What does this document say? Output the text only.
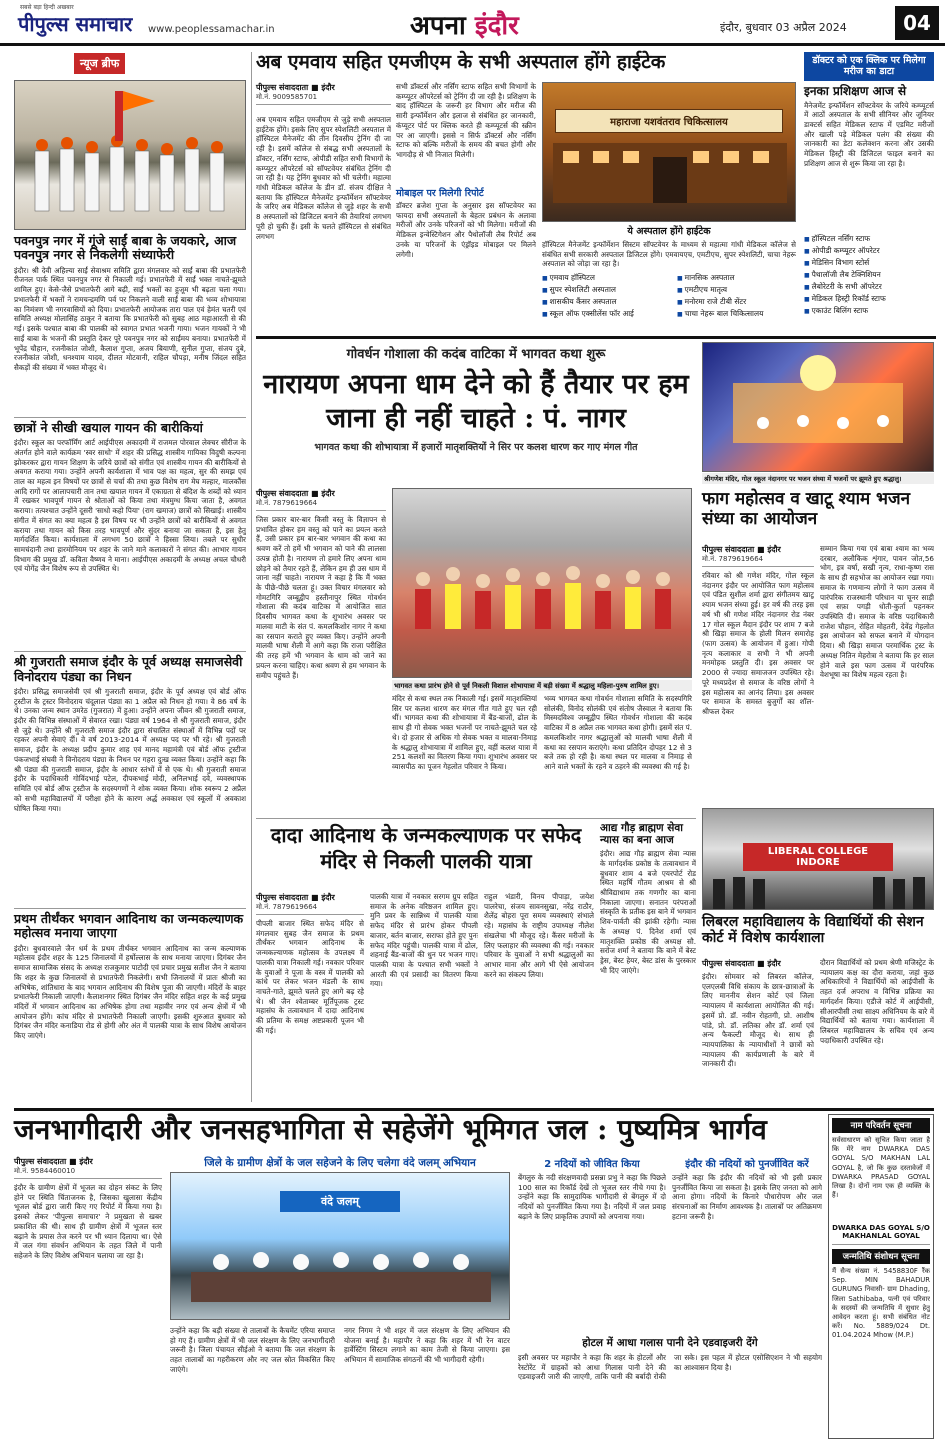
सबसे बड़ा हिन्दी अखबार
पीपुल्स समाचार www.peoplessamachar.in	अपना इंदौर	इंदौर, बुधवार 03 अप्रैल 2024	04
न्यूज ब्रीफ
पवनपुत्र नगर में गूंजे साईं बाबा के जयकारे, आज पवनपुत्र नगर से निकलेगी संध्याफेरी
इंदौर। श्री देवी अहिल्या साईं सेवाश्रम समिति द्वारा मंगलवार को साईं बाबा की प्रभातफेरी रीजनल पार्क स्थित पवनपुत्र नगर से निकाली गई। प्रभातफेरी में साईं भक्त नाचते-झूमते शामिल हुए। केसे-जैसे प्रभातफेरी आगे बढ़ी, साईं भक्तों का हुजूम भी बढ़ता चला गया। प्रभातफेरी में भक्तों ने रामचन्द्रमणि पर्व पर निकलने वाली साईं बाबा की भव्य शोभायात्रा का निमंत्रण भी नगरवासियों को दिया। प्रभातफेरी आयोजक तारा पाल एवं हेमंत चतरी एवं समिति अध्यक्ष मोलासिंह ठाकुर ने बताया कि प्रभातफेरी को सुबह आठ महाआरती से की गई। इसके पश्चात बाबा की पालकी को स्वागत प्रभात भजनी गाया। भजन गायकों ने भी साईं बाबा के भजनों की प्रस्तुति देकर पूरे पवनपुत्र नगर को साईंमय बनाया। प्रभातफेरी में भूपेंद्र चौहान, रजनीकांत जोशी, कैलाश गुप्ता, अजय बियाणी, सुनील गुप्ता, संजय दुबे, रजनीकांत जोशी, धनश्याम यादव, दीलत मोटवानी, राहिल चौपड़ा, मनीष जिंदल सहित सैकड़ों की संख्या में भक्त मौजूद थे।
छात्रों ने सीखी खयाल गायन की बारीकियां
इंदौर। स्कूल का परफॉर्मिंग आर्ट आईपीएस अकादमी में राजमल पोरवाल लेक्चर सीरीज के अंतर्गत होने वाले कार्यक्रम 'स्वर साधो' में शहर की प्रसिद्ध शास्त्रीय गायिका विदुषी कल्पना झोकरकर द्वारा गायन शिक्षण के जरिये छात्रों को संगीत एवं शास्त्रीय गायन की बारीकियों से अवगत कराया गया। उन्होंने अपनी कार्यशाला में भाव पक्ष का महत्व, सुर की समझ एवं ताल का महत्व इन विषयों पर छात्रों से चर्चा की तथा कुछ विशेष राग मेघ मल्हार, मालकौंस आदि रागों पर आलापचारी तान तथा खयाल गायन में एकाग्रता से बंदिश के शब्दों को ध्यान में रखकर भावपूर्ण गायन से श्रोताओं को किया तथा मंत्रमुग्ध किया जाता है, अवगत कराया। तत्पश्चात उन्होंने दूसरी 'साधो कहो पिया' (राग खमाज) छात्रों को सिखाई। शास्त्रीय संगीत में संगत का क्या महत्व है इस विषय पर भी उन्होंने छात्रों को बारीकियों से अवगत कराया तथा गायन को किस तरह भावपूर्ण और सुंदर बनाया जा सकता है, इस हेतु मार्गदर्शित किया। कार्यशाला में लगभग 50 छात्रों ने हिस्सा लिया। तबले पर सुधीर सामचंदानी तथा हारमोनियम पर शहर के जाने माने कलाकारों ने संगत की। आभार गायन विभाग की प्रमुख डॉ. कविता वैष्णव ने माना। आईपीएस अकादमी के अध्यक्ष अचल चौधरी एवं योगेंद्र जैन विशेष रूप से उपस्थित थे।
श्री गुजराती समाज इंदौर के पूर्व अध्यक्ष समाजसेवी विनोदराय पंड्या का निधन
इंदौर। प्रसिद्ध समाजसेवी एवं श्री गुजराती समाज, इंदौर के पूर्व अध्यक्ष एवं बोर्ड ऑफ ट्रस्टीज के ट्रस्टर विनोदराय चंदूलाल पंड्या का 1 अप्रैल को निधन हो गया। वे 86 वर्ष के थे। उनका जन्म स्थान उमरेठ (गुजरात) में हुआ। उन्होंने अपना जीवन श्री गुजराती समाज, इंदौर की विभिन्न संस्थाओं में सेवारत रखा। पंड्या वर्ष 1964 से श्री गुजराती समाज, इंदौर से जुड़े थे। उन्होंने श्री गुजराती समाज इंदौर द्वारा संचालित संस्थाओं में विभिन्न पदों पर रहकर अपनी सेवाएं दीं। वे वर्ष 2013-2014 में अध्यक्ष पद पर भी रहे। श्री गुजराती समाज, इंदौर के अध्यक्ष प्रदीप कुमार शाह एवं मानद महामंत्री एवं बोर्ड ऑफ ट्रस्टीज पंकजभाई संघवी ने विनोदराय पंड्या के निधन पर गहरा दुःख व्यक्त किया। उन्होंने कहा कि श्री पंड्या की गुजराती समाज, इंदौर के आधार स्तंभों में से एक थे। श्री गुजराती समाज इंदौर के पदाधिकारी गोविंदभाई पटेल, दीपकभाई मोदी, अनिलभाई दवे, व्यवस्थापक समिति एवं बोर्ड ऑफ ट्रस्टीज के सदस्यगणों ने शोक व्यक्त किया। शोक स्वरूप 2 अप्रैल को सभी महाविद्यालयों में परीक्षा होने के कारण अर्द्ध अवकाश एवं स्कूलों में अवकाश घोषित किया गया।
प्रथम तीर्थंकर भगवान आदिनाथ का जन्मकल्याणक महोत्सव मनाया जाएगा
इंदौर। बुधवारवाले जैन धर्म के प्रथम तीर्थंकर भगवान आदिनाथ का जन्म कल्याणक महोत्सव इंदौर शहर के 125 जिनालयों में हर्षोल्लास के साथ मनाया जाएगा। दिगंबर जैन समाज सामाजिक संसद के अध्यक्ष राजकुमार पाटोदी एवं प्रचार प्रमुख सतीश जैन ने बताया कि शहर के कुछ जिनालयों से प्रभातफेरी निकलेगी। सभी जिनालयों में प्रातः श्रीजी का अभिषेक, शांतिधारा के बाद भगवान आदिनाथ की विशेष पूजा की जाएगी। मंदिरों के बाहर प्रभातफेरी निकाली जाएगी। कैलाशनगर स्थित दिगंबर जैन मंदिर सहित शहर के कई प्रमुख मंदिरों में भगवान आदिनाथ का अभिषेक होगा तथा महावीर नगर एवं अन्य क्षेत्रों में भी आयोजन होंगे। कांच मंदिर से प्रभातफेरी निकाली जाएगी। इसकी शुरुआत बुधवार को दिगंबर जैन मंदिर कनाडिया रोड से होगी और अंत में पालकी यात्रा के साथ विशेष आयोजन किए जाएंगे।
अब एमवाय सहित एमजीएम के सभी अस्पताल होंगे हाईटेक
पीपुल्स संवाददाता ■ इंदौर
मो.नं. 9009585701
अब एमवाय सहित एमजीएम से जुड़े सभी अस्पताल हाईटेक होंगे। इसके लिए सुपर स्पेशलिटी अस्पताल में हॉस्पिटल मैनेजमेंट की तीन दिवसीय ट्रेनिंग दी जा रही है। इसमें कॉलेज से संबद्ध सभी अस्पतालों के डॉक्टर, नर्सिंग स्टाफ, ओपीडी सहित सभी विभागों के कम्प्यूटर ऑपरेटर्स को सॉफ्टवेयर संबंधित ट्रेनिंग दी जा रही है। यह ट्रेनिंग बुधवार को भी चलेगी। महात्मा गांधी मेडिकल कॉलेज के डीन डॉ. संजय दीक्षित ने बताया कि हॉस्पिटल मैनेजमेंट इन्फॉर्मेशन सॉफ्टवेयर के जरिए अब मेडिकल कॉलेज से जुड़े शहर के सभी 8 अस्पतालों को डिजिटल बनाने की तैयारियां लगभग पूरी हो चुकी हैं। इसी के चलते हॉस्पिटल से संबंधित लगभग
सभी डॉक्टर्स और नर्सिंग स्टाफ सहित सभी विभागों के कम्प्यूटर ऑपरेटर्स को ट्रेनिंग दी जा रही है। प्रशिक्षण के बाद हॉस्पिटल के जरूरी हर विभाग और मरीज की सारी इन्फॉर्मेशन और इलाज से संबंधित हर जानकारी, कंप्यूटर पोर्ट पर क्लिक करते ही कम्प्यूटर्स की स्क्रीन पर आ जाएगी। इससे न सिर्फ डॉक्टर्स और नर्सिंग स्टाफ को बल्कि मरीजों के समय की बचत होगी और भागदौड़ से भी निजात मिलेगी।
मोबाइल पर मिलेगी रिपोर्ट
डॉक्टर ब्रजेश गुप्ता के अनुसार इस सॉफ्टवेयर का फायदा सभी अस्पतालों के बेहतर प्रबंधन के अलावा मरीजों और उनके परिजनों को भी मिलेगा। मरीजों की मेडिकल इन्वेस्टिगेशन और पैथोलॉजी लैब रिपोर्ट अब उनके या परिजनों के एंड्रॉइड मोबाइल पर मिलने लगेगी।
महाराजा यशवंतराव चिकित्सालय
ये अस्पताल होंगे हाईटेक
हॉस्पिटल मैनेजमेंट इन्फॉर्मेशन सिस्टम सॉफ्टवेयर के माध्यम से महात्मा गांधी मेडिकल कॉलेज से संबंधित सभी सरकारी अस्पताल डिजिटल होंगे। एमवायएच, एमटीएच, सुपर स्पेशलिटी, चाचा नेहरू अस्पताल को जोड़ा जा रहा है।
■ एमवाय हॉस्पिटल
■ सुपर स्पेशलिटी अस्पताल
■ शासकीय कैंसर अस्पताल
■ स्कूल ऑफ एक्सीलेंस फॉर आई
■ मानसिक अस्पताल
■ एमटीएच मातृत्व
■ मनोरमा राजे टीबी सेंटर
■ चाचा नेहरू बाल चिकित्सालय
डॉक्टर को एक क्लिक पर मिलेगा मरीज का डाटा
इनका प्रशिक्षण आज से
मैनेजमेंट इन्फॉर्मेशन सॉफ्टवेयर के जरिये कम्प्यूटर्स में आठों अस्पताल के सभी सीनियर और जूनियर डाक्टर्स सहित मेडिकल स्टाफ में एडमिट मरीजों और खाली पड़े मेडिकल पलंग की संख्या की जानकारी का डेटा कलेक्शन करना और उसकी मेडिकल हिस्ट्री की डिजिटल फाइल बनाने का प्रशिक्षण आज से शुरू किया जा रहा है।
■ हॉस्पिटल नर्सिंग स्टाफ
■ ओपीडी कम्प्यूटर ऑपरेटर
■ मेडिसिन विभाग स्टोर्स
■ पैथालॉजी लैब टेक्निशियन
■ लैबोरेटरी के सभी ऑपरेटर
■ मेडिकल हिस्ट्री रिकॉर्ड स्टाफ
■ एकाउंट बिलिंग स्टाफ
गोवर्धन गोशाला की कदंब वाटिका में भागवत कथा शुरू
नारायण अपना धाम देने को हैं तैयार पर हम जाना ही नहीं चाहते : पं. नागर
भागवत कथा की शोभायात्रा में हजारों मातृशक्तियों ने सिर पर कलश धारण कर गाए मंगल गीत
पीपुल्स संवाददाता ■ इंदौर
मो.नं. 7879619664
जिस प्रकार बार-बार किसी वस्तु के विज्ञापन से प्रभावित होकर हम वस्तु को पाने का प्रयत्न करते हैं, उसी प्रकार हम बार-बार भगवान की कथा का श्रवण करें तो हमें भी भगवान को पाने की लालसा उत्पन्न होती है। नारायण तो हमारे लिए अपना धाम छोड़ने को तैयार रहते हैं, लेकिन हम ही उस धाम में जाना नहीं चाहते। नारायण ने कहा है कि मैं भक्त के पीछे-पीछे चलता हूं। उक्त विचार मंगलवार को गोमटगिरि जम्बूद्वीप हस्तीनापुर स्थित गोवर्धन गोशाला की कदंब वाटिका में आयोजित सात दिवसीय भागवत कथा के शुभारंभ अवसर पर मालवा माटी के संत पं. कमलकिशोर नागर ने कथा का रसपान कराते हुए व्यक्त किए। उन्होंने अपनी मालवी भाषा शैली में आगे कहा कि राजा परीक्षित की तरह हमें भी भगवान के धाम को जाने का प्रयत्न करना चाहिए। कथा श्रवण से हम भगवान के समीप पहुंचते हैं।
भागवत कथा प्रारंभ होने से पूर्व निकली विशाल शोभायात्रा में बड़ी संख्या में श्रद्धालु महिला-पुरुष शामिल हुए।
मंदिर से कथा स्थल तक निकाली गई। इसमें मातृशक्तियां सिर पर कलश धारण कर मंगल गीत गाते हुए चल रही थीं। भागवत कथा की शोभायात्रा में बैंड-बाजों, ढोल के साथ ही गो सेवक भक्त भजनों पर नाचते-झूमते चल रहे थे। दो हजार से अधिक गो सेवक भक्त व मालवा-निमाड़ के श्रद्धालु शोभायात्रा में शामिल हुए, वहीं कलश यात्रा में 251 कलशों का वितरण किया गया। शुभारंभ अवसर पर व्यासपीठ का पूजन गेहलोत परिवार ने किया।
भव्य भागवत कथा गोवर्धन गोशाला समिति के सदस्यगिरि सोलंकी, विनोद सोलंकी एवं संतोष जैस्वाल ने बताया कि मिस्मदविश्व जम्बूद्वीप स्थित गोवर्धन गोशाला की कदंब वाटिका में 8 अप्रैल तक भागवत कथा होगी। इसमें संत पं. कमलकिशोर नागर श्रद्धालुओं को मालवी भाषा शैली में कथा का रसपान कराएंगे। कथा प्रतिदिन दोपहर 12 से 3 बजे तक हो रही है। कथा स्थल पर मालवा व निमाड़ से आने वाले भक्तों के रहने व ठहरने की व्यवस्था की गई है।
श्रीगणेश मंदिर, गोल स्कूल नंदानगर पर भजन संध्या में भजनों पर झूमते हुए श्रद्धालु।
फाग महोत्सव व खाटू श्याम भजन संध्या का आयोजन
पीपुल्स संवाददाता ■ इंदौर
मो.नं. 7879619664
रविवार को श्री गणेश मंदिर, गोल स्कूल नंदानगर इंदौर पर आयोजित फाग महोत्सव एवं पंडित सुशील शर्मा द्वारा संगीतमय खाटू श्याम भजन संध्या हुई। हर वर्ष की तरह इस वर्ष भी श्री गणेश मंदिर नंदानगर रोड नंबर 17 गोल स्कूल मैदान इंदौर पर शाम 7 बजे श्री खिड़ा समाज के होली मिलन समारोह (फाग उत्सव) के आयोजन में हुआ। गोपी नृत्य कलाकार व सभी ने भी अपनी मनमोहक प्रस्तुति दी। इस अवसर पर 2000 से ज्यादा समाजजन उपस्थित रहे। पूरे मध्यप्रदेश से समाज के वरिष्ठ लोगों ने इस महोत्सव का आनंद लिया। इस अवसर पर समाज के समस्त बुजुर्गों का शॉल-श्रीफल देकर
सम्मान किया गया एवं बाबा श्याम का भव्य दरबार, अलौकिक शृंगार, पावन जोत,56 भोग, इत्र वर्षा, सखी नृत्य, राधा-कृष्ण रास के साथ ही सहभोज का आयोजन रखा गया। समाज के गणमान्य लोगों ने फाग उत्सव में पारंपरिक राजस्थानी परिधान या चूनर साड़ी एवं सफ़ा पगड़ी धोती-कुर्ता पहनकर उपस्थिति दी। समाज के वरिष्ठ पदाधिकारी राजेश चौहान, रोहित मोहतरी, देवेंद्र गेहलोत इस आयोजन को सफल बनाने में योगदान दिया। श्री खिड़ा समाज परमार्थिक ट्रस्ट के अध्यक्ष नितिन मेहरोत्रा ने बताया कि हर साल होने वाले इस फाग उत्सव में पारंपरिक वेशभूषा का विशेष महत्व रहता है।
दादा आदिनाथ के जन्मकल्याणक पर सफेद मंदिर से निकली पालकी यात्रा
पीपुल्स संवाददाता ■ इंदौर
मो.नं. 7879619664
पीपली बाजार स्थित सफेद मंदिर से मंगलवार सुबह जैन समाज के प्रथम तीर्थंकर भगवान आदिनाथ के जन्मकल्याणक महोत्सव के उपलक्ष्य में पालकी यात्रा निकाली गई। नवकार परिवार के युवाओं ने पूजा के वस्त्र में पालकी को कांधे पर लेकर भजन मंडली के साथ नाचते-गाते, झूमते चलते हुए आगे बढ़ रहे थे। श्री जैन श्वेताम्बर मूर्तिपूजक ट्रस्ट महासंघ के तत्वावधान में दादा आदिनाथ की प्रतिमा के समक्ष अष्टप्रकारी पूजन भी की गई।
पालकी यात्रा में नवकार सरगम ग्रुप सहित समाज के अनेक वरिष्ठजन शामिल हुए। मुनि प्रवर के सान्निध्य में पालकी यात्रा सफेद मंदिर से प्रारंभ होकर पीपली बाजार, बर्तन बाजार, सराफा होते हुए पुनः सफेद मंदिर पहुंची। पालकी यात्रा में ढोल, शहनाई बैंड-बाजों की धुन पर भजन गाए। पालकी यात्रा के पश्चात सभी भक्तों ने आरती की एवं प्रसादी का वितरण किया गया।
राहुल भंडारी, विनय पीपाड़ा, जयेश पालरेचा, संजय सावनसुखा, नरेंद्र राठौर, शैलेंद्र बोहरा पूरा समय व्यवस्थाएं संभाले रहे। महासंघ के राष्ट्रीय उपाध्यक्ष नीलेश संखलेचा भी मौजूद रहे। कैंसर मरीजों के लिए फलाहार की व्यवस्था की गई। नवकार परिवार के युवाओं ने सभी श्रद्धालुओं का आभार माना और आगे भी ऐसे आयोजन करने का संकल्प लिया।
आद्य गौड़ ब्राह्मण सेवा न्यास का बना आज
इंदौर। आद्य गौड़ ब्राह्मण सेवा न्यास के मार्गदर्शक प्रकोष्ठ के तत्वावधान में बुधवार शाम 4 बजे एयरपोर्ट रोड स्थित महर्षि गौतम आश्रम से श्री श्रीविद्याधाम तक गणगौर का बाना निकाला जाएगा। सनातन परंपराओं संस्कृति के प्रतीक इस बाने में भगवान शिव-पार्वती की झांकी रहेगी। न्यास के अध्यक्ष पं. दिनेश शर्मा एवं मातृशक्ति प्रकोष्ठ की अध्यक्ष सौ. सरोज शर्मा ने बताया कि बाने में बेस्ट ड्रेस, बेस्ट हेयर, बेस्ट डांस के पुरस्कार भी दिए जाएंगे।
LIBERAL COLLEGE INDORE
लिबरल महाविद्यालय के विद्यार्थियों की सेशन कोर्ट में विशेष कार्यशाला
पीपुल्स संवाददाता ■ इंदौर
इंदौर। सोमवार को लिबरल कॉलेज, एलएलबी विधि संकाय के छात्र-छात्राओं के लिए माननीय सेशन कोर्ट एवं जिला न्यायालय में कार्यशाला आयोजित की गई। इसमें प्रो. डॉ. नवीन रोहतगी, प्रो. आशीष पांडे, प्रो. डॉ. लतिका और डॉ. शर्मा एवं अन्य फैकल्टी मौजूद थे। साथ ही न्यायपालिका के न्यायाधीशों ने छात्रों को न्यायालय की कार्यप्रणाली के बारे में जानकारी दी।
दौरान विद्यार्थियों को प्रथम श्रेणी मजिस्ट्रेट के न्यायालय कक्ष का दौरा कराया, जहां कुछ अधिकारियों ने विद्यार्थियों को आईपीसी के तहत दर्ज अपराध व विभिन्न प्रक्रिया का मार्गदर्शन किया। एडीजे कोर्ट में आईपीसी, सीआरपीसी तथा साक्ष्य अधिनियम के बारे में विद्यार्थियों को बताया गया। कार्यशाला में लिबरल महाविद्यालय के सचिव एवं अन्य पदाधिकारी उपस्थित रहे।
जनभागीदारी और जनसहभागिता से सहेजेंगे भूमिगत जल : पुष्यमित्र भार्गव
पीपुल्स संवाददाता ■ इंदौर
मो.नं. 9584460010
इंदौर के ग्रामीण क्षेत्रों में भूजल का दोहन संकट के लिए होने पर स्थिति चिंताजनक है, जिसका खुलासा केंद्रीय भूजल बोर्ड द्वारा जारी किए गए रिपोर्ट में किया गया है। इसको लेकर 'पीपुल्स समाचार' ने प्रमुखता से खबर प्रकाशित की थी। साथ ही ग्रामीण क्षेत्रों में भूजल स्तर बढ़ाने के प्रयास तेज करने पर भी ध्यान दिलाया था। ऐसे में जल गंगा संवर्धन अभियान के तहत जिले में पानी सहेजने के लिए विशेष अभियान चलाया जा रहा है।
जिले के ग्रामीण क्षेत्रों के जल सहेजने के लिए चलेगा वंदे जलम् अभियान
वंदे जलम्
उन्होंने कहा कि बड़ी संख्या से तालाबों के कैचमेंट एरिया समाप्त हो गए हैं। ग्रामीण क्षेत्रों में भी जल संरक्षण के लिए जनभागीदारी जरूरी है। जिला पंचायत सीईओ ने बताया कि जल संरक्षण के तहत तालाबों का गहरीकरण और नए जल स्रोत विकसित किए जाएंगे।
नगर निगम ने भी शहर में जल संरक्षण के लिए अभियान की योजना बनाई है। महापौर ने कहा कि शहर में भी रेन वाटर हार्वेस्टिंग सिस्टम लगाने का काम तेजी से किया जाएगा। इस अभियान में सामाजिक संगठनों की भी भागीदारी रहेगी।
2 नदियों को जीवित किया
बेंगलुरु के नदी संरक्षणवादी प्रसन्ना प्रभु ने कहा कि पिछले 100 साल का रिकॉर्ड देखें तो भूजल स्तर नीचे गया है। उन्होंने कहा कि सामुदायिक भागीदारी से बेंगलुरु में दो नदियों को पुनर्जीवित किया गया है। नदियों में जल प्रवाह बढ़ाने के लिए प्राकृतिक उपायों को अपनाया गया।
इंदौर की नदियों को पुनर्जीवित करें
उन्होंने कहा कि इंदौर की नदियों को भी इसी प्रकार पुनर्जीवित किया जा सकता है। इसके लिए जनता को आगे आना होगा। नदियों के किनारे पौधारोपण और जल संरचनाओं का निर्माण आवश्यक है। तालाबों पर अतिक्रमण हटाना जरूरी है।
होटल में आधा गलास पानी देने एडवाइजरी देंगे
इसी अवसर पर महापौर ने कहा कि शहर के होटलों और रेस्टोरेंट में ग्राहकों को आधा गिलास पानी देने की एडवाइजरी जारी की जाएगी, ताकि पानी की बर्बादी रोकी जा सके। इस पहल में होटल एसोसिएशन ने भी सहयोग का आश्वासन दिया है।
नाम परिवर्तन सूचना
सर्वसाधारण को सूचित किया जाता है कि मेरे नाम DWARKA DAS GOYAL S/O MAKHAN LAL GOYAL है, जो कि कुछ दस्तावेजों में DWARKA PRASAD GOYAL लिखा है। दोनों नाम एक ही व्यक्ति के हैं।
DWARKA DAS GOYAL S/O MAKHANLAL GOYAL
जन्मतिथि संशोधन सूचना
मैं सैन्य संख्या नं. 5458830F रैंक Sep. MIN BAHADUR GURUNG निवासी- ग्राम Dhading, जिला Sathibaba, पत्नी एवं परिवार के सदस्यों की जन्मतिथि में सुधार हेतु आवेदन करता हूं। सभी संबंधित नोट करें। No. 5889/024 Dt. 01.04.2024 Mhow (M.P.)
